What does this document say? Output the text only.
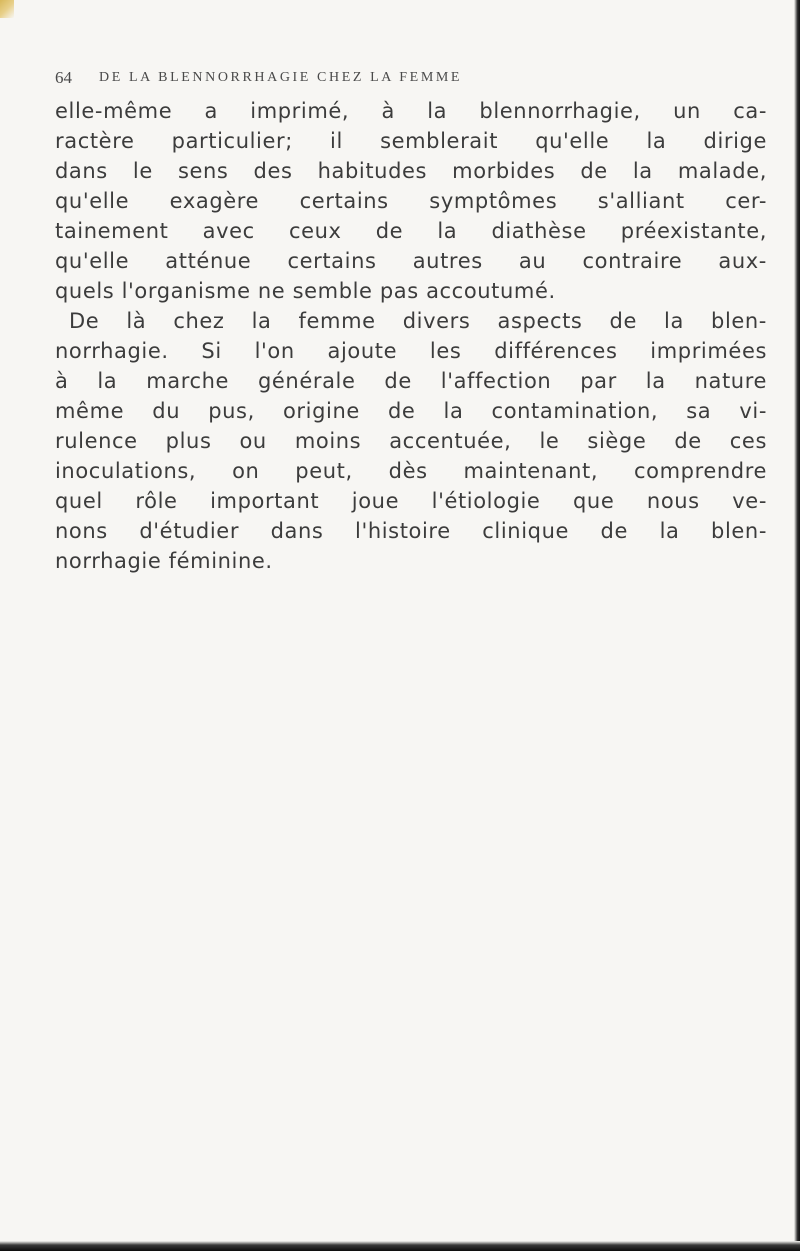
64 DE LA BLENNORRHAGIE CHEZ LA FEMME
elle-même a imprimé, à la blennorrhagie, un ca-
ractère particulier; il semblerait qu'elle la dirige
dans le sens des habitudes morbides de la malade,
qu'elle exagère certains symptômes s'alliant cer-
tainement avec ceux de la diathèse préexistante,
qu'elle atténue certains autres au contraire aux-
quels l'organisme ne semble pas accoutumé.
De là chez la femme divers aspects de la blen-
norrhagie. Si l'on ajoute les différences imprimées
à la marche générale de l'affection par la nature
même du pus, origine de la contamination, sa vi-
rulence plus ou moins accentuée, le siège de ces
inoculations, on peut, dès maintenant, comprendre
quel rôle important joue l'étiologie que nous ve-
nons d'étudier dans l'histoire clinique de la blen-
norrhagie féminine.
